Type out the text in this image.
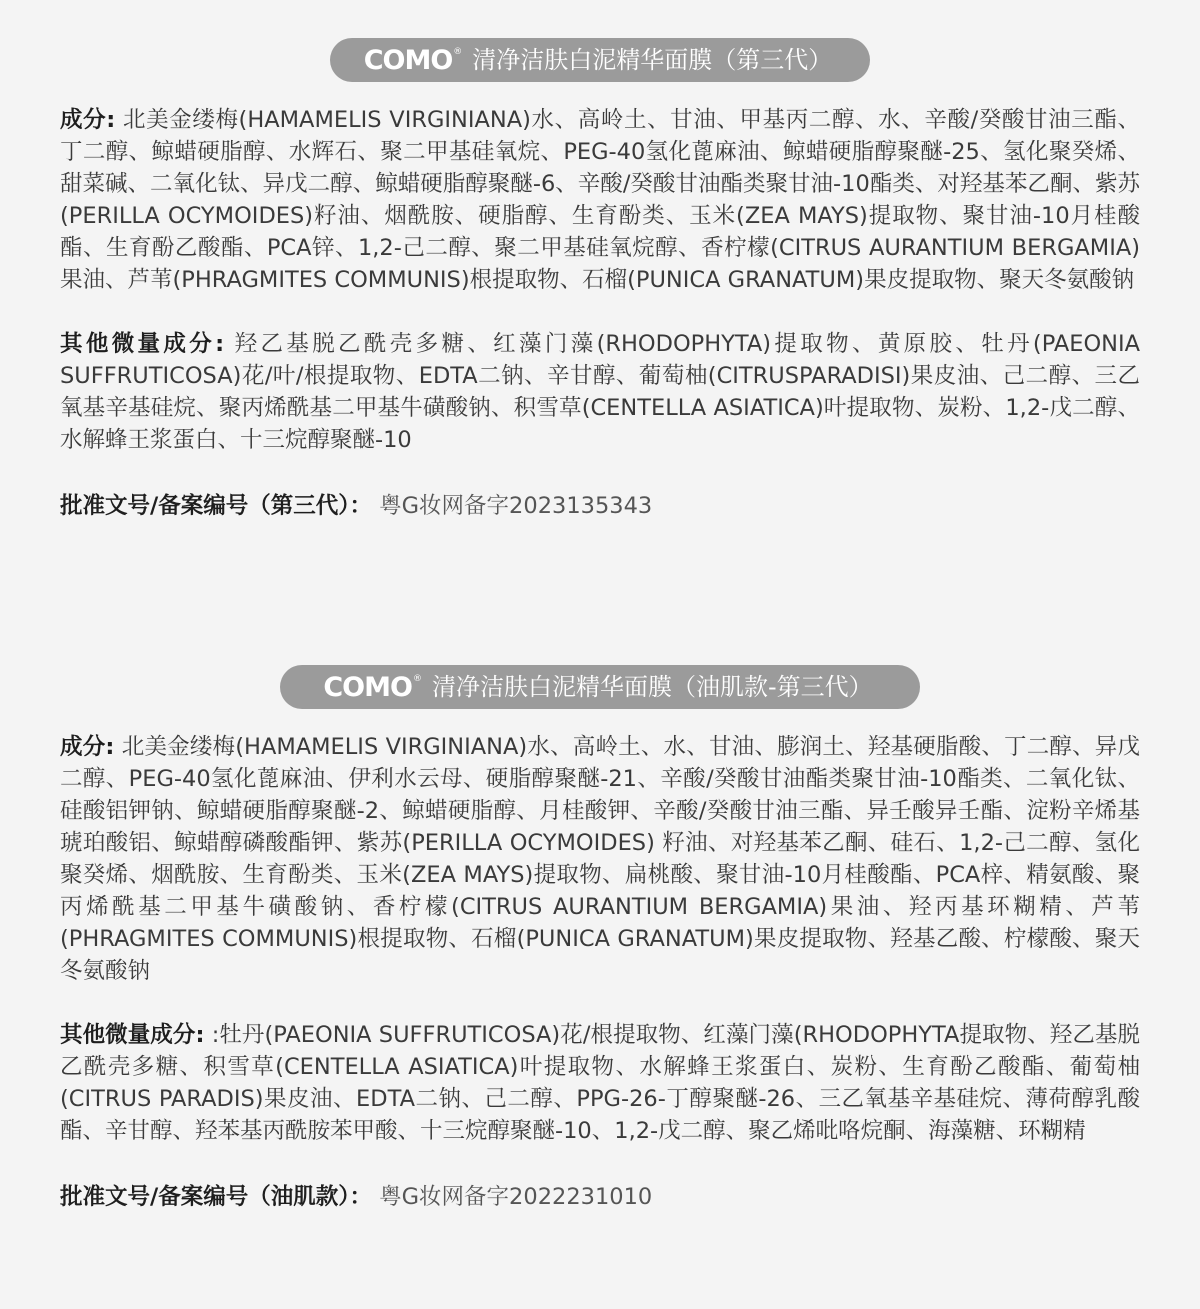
COMO ® 清净洁肤白泥精华面膜（第三代）

成分: 北美金缕梅(HAMAMELIS VIRGINIANA)水、高岭土、甘油、甲基丙二醇、水、辛酸/癸酸甘油三酯、丁二醇、鲸蜡硬脂醇、水辉石、聚二甲基硅氧烷、PEG-40氢化蓖麻油、鲸蜡硬脂醇聚醚-25、氢化聚癸烯、甜菜碱、二氧化钛、异戊二醇、鲸蜡硬脂醇聚醚-6、辛酸/癸酸甘油酯类聚甘油-10酯类、对羟基苯乙酮、紫苏(PERILLA OCYMOIDES)籽油、烟酰胺、硬脂醇、生育酚类、玉米(ZEA MAYS)提取物、聚甘油-10月桂酸酯、生育酚乙酸酯、PCA锌、1,2-己二醇、聚二甲基硅氧烷醇、香柠檬(CITRUS AURANTIUM BERGAMIA)果油、芦苇(PHRAGMITES COMMUNIS)根提取物、石榴(PUNICA GRANATUM)果皮提取物、聚天冬氨酸钠

其他微量成分: 羟乙基脱乙酰壳多糖、红藻门藻(RHODOPHYTA)提取物、黄原胶、牡丹(PAEONIA SUFFRUTICOSA)花/叶/根提取物、EDTA二钠、辛甘醇、葡萄柚(CITRUSPARADISI)果皮油、己二醇、三乙氧基辛基硅烷、聚丙烯酰基二甲基牛磺酸钠、积雪草(CENTELLA ASIATICA)叶提取物、炭粉、1,2-戊二醇、水解蜂王浆蛋白、十三烷醇聚醚-10

批准文号/备案编号（第三代）： 粤G妆网备字2023135343

COMO ® 清净洁肤白泥精华面膜（油肌款-第三代）

成分: 北美金缕梅(HAMAMELIS VIRGINIANA)水、高岭土、水、甘油、膨润土、羟基硬脂酸、丁二醇、异戊二醇、PEG-40氢化蓖麻油、伊利水云母、硬脂醇聚醚-21、辛酸/癸酸甘油酯类聚甘油-10酯类、二氧化钛、硅酸铝钾钠、鲸蜡硬脂醇聚醚-2、鲸蜡硬脂醇、月桂酸钾、辛酸/癸酸甘油三酯、异壬酸异壬酯、淀粉辛烯基琥珀酸铝、鲸蜡醇磷酸酯钾、紫苏(PERILLA OCYMOIDES) 籽油、对羟基苯乙酮、硅石、1,2-己二醇、氢化聚癸烯、烟酰胺、生育酚类、玉米(ZEA MAYS)提取物、扁桃酸、聚甘油-10月桂酸酯、PCA梓、精氨酸、聚丙烯酰基二甲基牛磺酸钠、香柠檬(CITRUS AURANTIUM BERGAMIA)果油、羟丙基环糊精、芦苇(PHRAGMITES COMMUNIS)根提取物、石榴(PUNICA GRANATUM)果皮提取物、羟基乙酸、柠檬酸、聚天冬氨酸钠

其他微量成分: :牡丹(PAEONIA SUFFRUTICOSA)花/根提取物、红藻门藻(RHODOPHYTA提取物、羟乙基脱乙酰壳多糖、积雪草(CENTELLA ASIATICA)叶提取物、水解蜂王浆蛋白、炭粉、生育酚乙酸酯、葡萄柚(CITRUS PARADIS)果皮油、EDTA二钠、己二醇、PPG-26-丁醇聚醚-26、三乙氧基辛基硅烷、薄荷醇乳酸酯、辛甘醇、羟苯基丙酰胺苯甲酸、十三烷醇聚醚-10、1,2-戊二醇、聚乙烯吡咯烷酮、海藻糖、环糊精

批准文号/备案编号（油肌款）： 粤G妆网备字2022231010
